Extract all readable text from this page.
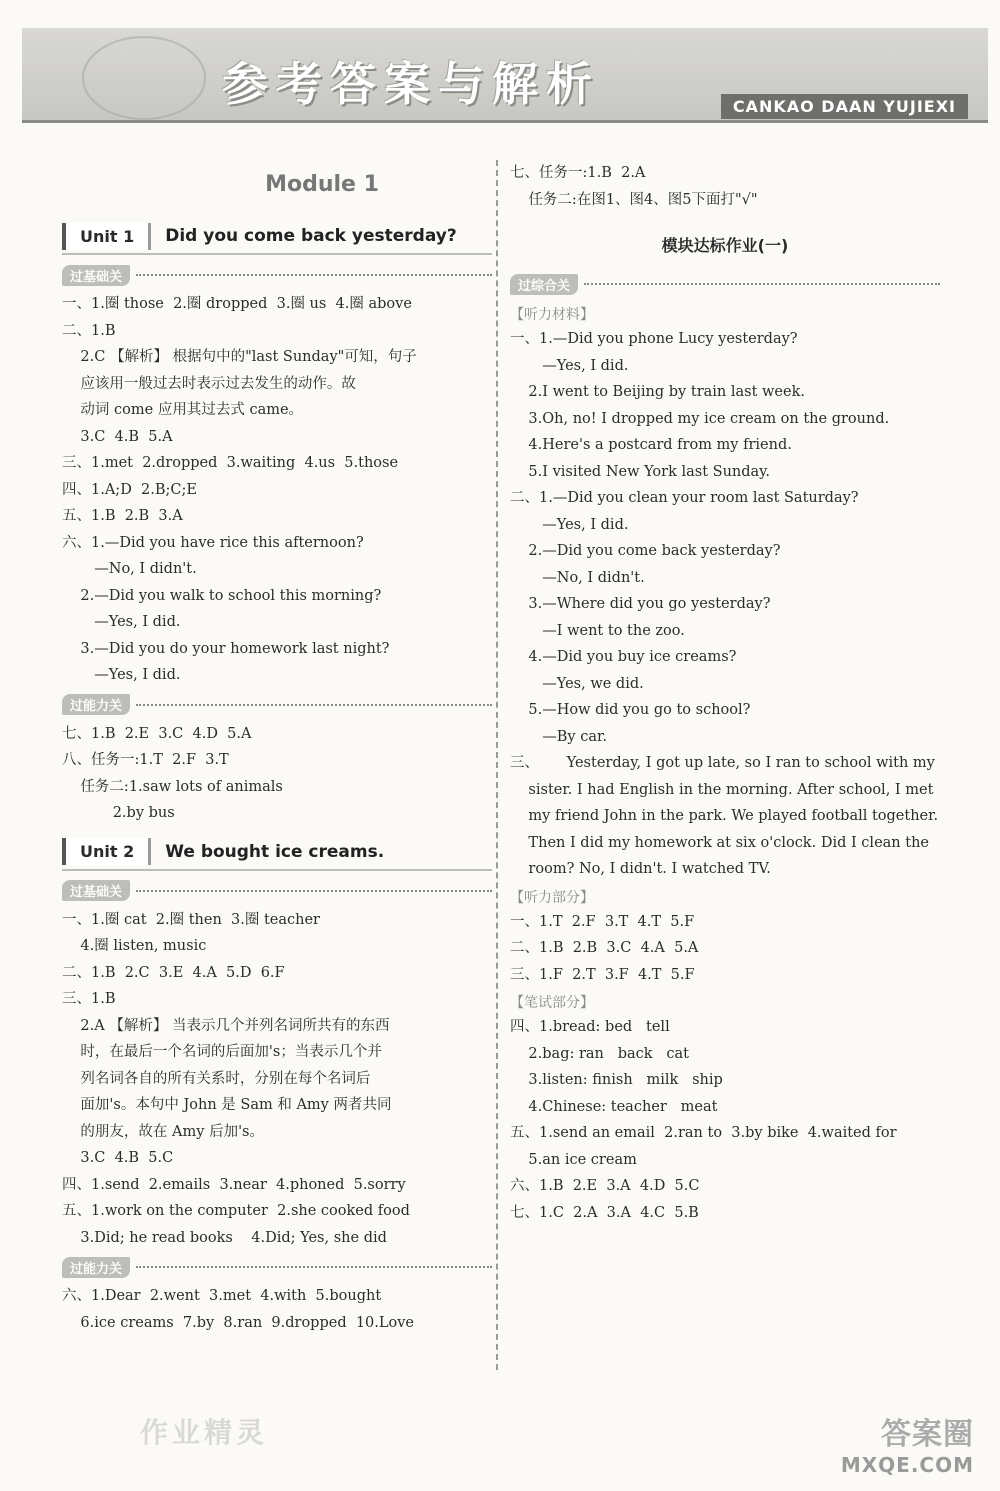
参考答案与解析	CANKAO DAAN YUJIEXI
Module 1
Unit 1	Did you come back yesterday?
过基础关
一、1.圈 those  2.圈 dropped  3.圈 us  4.圈 above
二、1.B
2.C 【解析】 根据句中的"last Sunday"可知，句子
应该用一般过去时表示过去发生的动作。故
动词 come 应用其过去式 came。
3.C  4.B  5.A
三、1.met  2.dropped  3.waiting  4.us  5.those
四、1.A;D  2.B;C;E
五、1.B  2.B  3.A
六、1.—Did you have rice this afternoon?
—No, I didn't.
2.—Did you walk to school this morning?
—Yes, I did.
3.—Did you do your homework last night?
—Yes, I did.
过能力关
七、1.B  2.E  3.C  4.D  5.A
八、任务一:1.T  2.F  3.T
任务二:1.saw lots of animals
2.by bus
Unit 2	We bought ice creams.
过基础关
一、1.圈 cat  2.圈 then  3.圈 teacher
4.圈 listen, music
二、1.B  2.C  3.E  4.A  5.D  6.F
三、1.B
2.A 【解析】 当表示几个并列名词所共有的东西
时，在最后一个名词的后面加's；当表示几个并
列名词各自的所有关系时，分别在每个名词后
面加's。本句中 John 是 Sam 和 Amy 两者共同
的朋友，故在 Amy 后加's。
3.C  4.B  5.C
四、1.send  2.emails  3.near  4.phoned  5.sorry
五、1.work on the computer  2.she cooked food
3.Did; he read books    4.Did; Yes, she did
过能力关
六、1.Dear  2.went  3.met  4.with  5.bought
6.ice creams  7.by  8.ran  9.dropped  10.Love
七、任务一:1.B  2.A
任务二:在图1、图4、图5下面打"√"
模块达标作业(一)
过综合关
【听力材料】
一、1.—Did you phone Lucy yesterday?
—Yes, I did.
2.I went to Beijing by train last week.
3.Oh, no! I dropped my ice cream on the ground.
4.Here's a postcard from my friend.
5.I visited New York last Sunday.
二、1.—Did you clean your room last Saturday?
—Yes, I did.
2.—Did you come back yesterday?
—No, I didn't.
3.—Where did you go yesterday?
—I went to the zoo.
4.—Did you buy ice creams?
—Yes, we did.
5.—How did you go to school?
—By car.
三、      Yesterday, I got up late, so I ran to school with my
sister. I had English in the morning. After school, I met
my friend John in the park. We played football together.
Then I did my homework at six o'clock. Did I clean the
room? No, I didn't. I watched TV.
【听力部分】
一、1.T  2.F  3.T  4.T  5.F
二、1.B  2.B  3.C  4.A  5.A
三、1.F  2.T  3.F  4.T  5.F
【笔试部分】
四、1.bread: bed   tell
2.bag: ran   back   cat
3.listen: finish   milk   ship
4.Chinese: teacher   meat
五、1.send an email  2.ran to  3.by bike  4.waited for
5.an ice cream
六、1.B  2.E  3.A  4.D  5.C
七、1.C  2.A  3.A  4.C  5.B
作业精灵	答案圈
MXQE.COM
